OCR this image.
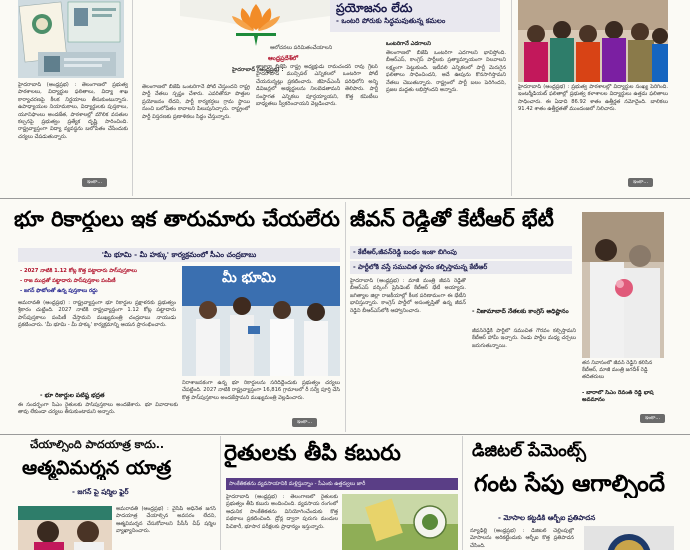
హైదరాబాద్ (ఆంధ్రప్రభ) : తెలంగాణలో ప్రభుత్వ పాఠశాలలు, విద్యార్థుల ఫలితాలు, విద్యా శాఖ కార్యాచరణపై కీలక నిర్ణయాలు తీసుకుంటున్నారు. ఉపాధ్యాయుల నియామకాలు, విద్యార్థులకు పుస్తకాలు, యూనిఫాంలు అందజేత, పాఠశాలల్లో మౌలిక వసతుల కల్పనపై ప్రభుత్వం ప్రత్యేక దృష్టి సారించింది. రాష్ట్రవ్యాప్తంగా విద్యా వ్యవస్థను బలోపేతం చేసేందుకు చర్యలు చేపడుతున్నారు.
ఇంకా...
ఆలోచనలు పరిమితంచేయాలని
హైదరాబాద్ (ఆంధ్రప్రభ) :
తెలంగాణలో బీజేపీ ఒంటరిగానే పోటీ చేస్తుందని రాష్ట్ర పార్టీ నేతలు స్పష్టం చేశారు. ఎవరితోనూ పొత్తుల ప్రయోజనం లేదని, పార్టీ కార్యకర్తలు గ్రామ స్థాయి నుంచి బలోపేతం కావాలని పిలుపునిచ్చారు. రాష్ట్రంలో పార్టీ విస్తరణకు ప్రణాళికలు సిద్ధం చేస్తున్నారు.
ఆంధ్రప్రదేశ్‌లో
తాజాగా బీజేపీ రాష్ట్ర అధ్యక్షుడు రామచందర్ రావు గ్రేటర్ హైదరాబాద్ మున్సిపల్ ఎన్నికలలో ఒంటరిగా పోటీ చేయనున్నట్లు ప్రకటించారు. జీహెచ్ఎంసీ పరిధిలోని అన్ని డివిజన్లలో అభ్యర్థులను నిలబెడతామని తెలిపారు. పార్టీ సంస్థాగత ఎన్నికలు పూర్తయ్యాయని, కొత్త కమిటీలు బాధ్యతలు స్వీకరించాయని వెల్లడించారు.
ప్రయోజనం లేదు
- ఒంటరి పోరుకు సిద్ధమవుతున్న కమలం
ఒంటరిగానే ఎదగాలని
తెలంగాణలో బీజేపీ ఒంటరిగా ఎదగాలని భావిస్తోంది. బీఆర్ఎస్, కాంగ్రెస్ పార్టీలకు ప్రత్యామ్నాయంగా నిలవాలని లక్ష్యంగా పెట్టుకుంది. ఇటీవలి ఎన్నికలలో పార్టీ మెరుగైన ఫలితాలు సాధించిందని, అదే ఊపును కొనసాగిస్తామని నేతలు చెబుతున్నారు. రాష్ట్రంలో పార్టీ బలం పెరిగిందని, ప్రజల మద్దతు లభిస్తోందని అన్నారు.
హైదరాబాద్ (ఆంధ్రప్రభ) : ప్రభుత్వ పాఠశాలల్లో విద్యార్థుల సంఖ్య పెరిగింది. ఇంటర్మీడియట్ ఫలితాల్లో ప్రభుత్వ కళాశాలల విద్యార్థులు ఉత్తమ ఫలితాలు సాధించారు. ఈ ఏడాది 86.92 శాతం ఉత్తీర్ణత నమోదైంది. బాలికలు 91.42 శాతం ఉత్తీర్ణతతో ముందంజలో నిలిచారు.
ఇంకా...
భూ రికార్డులు ఇక తారుమారు చేయలేరు
'మీ భూమి - మీ హక్కు' కార్యక్రమంలో సీఎం చంద్రబాబు
- 2027 నాటికి 1.12 కోట్ల కొత్త పట్టాదారు పాస్‌పుస్తకాలు
- రాజ ముద్రతో పట్టాదారు పాస్‌పుస్తకాల పంపిణీ
- జగన్ ఫొటోలతో ఉన్న పుస్తకాలు రద్దు
అమరావతి (ఆంధ్రప్రభ) : రాష్ట్రవ్యాప్తంగా భూ రికార్డుల ప్రక్షాళనకు ప్రభుత్వం శ్రీకారం చుట్టింది. 2027 నాటికి రాష్ట్రవ్యాప్తంగా 1.12 కోట్ల పట్టాదారు పాస్‌పుస్తకాలు పంపిణీ చేస్తామని ముఖ్యమంత్రి చంద్రబాబు నాయుడు ప్రకటించారు. 'మీ భూమి - మీ హక్కు' కార్యక్రమాన్ని ఆయన ప్రారంభించారు.
- భూ రికార్డుల పటిష్ట భద్రత
ఈ సందర్భంగా సీఎం రైతులకు పాస్‌పుస్తకాలు అందజేశారు. భూ వివాదాలకు తావు లేకుండా చర్యలు తీసుకుంటామని అన్నారు.
మీ భూమి
నిరాశాజనకంగా ఉన్న భూ రికార్డులను సరిదిద్దేందుకు ప్రభుత్వం చర్యలు చేపట్టింది. 2027 నాటికి రాష్ట్రవ్యాప్తంగా 16,816 గ్రామాలలో రీ సర్వే పూర్తి చేసి కొత్త పాస్‌పుస్తకాలు అందజేస్తామని ముఖ్యమంత్రి వెల్లడించారు.
ఇంకా...
జీవన్ రెడ్డితో కేటీఆర్ భేటీ
- కేటీఆర్,జీవన్‌రెడ్డి బంధం ఇంకా బిగింపు
- పార్టీలోకి వస్తే సముచిత స్థానం కల్పిస్తామన్న కేటీఆర్
హైదరాబాద్ (ఆంధ్రప్రభ) : మాజీ మంత్రి జీవన్ రెడ్డితో బీఆర్ఎస్ వర్కింగ్ ప్రెసిడెంట్ కేటీఆర్ భేటీ అయ్యారు. జగిత్యాల జిల్లా రాజకీయాల్లో కీలక పరిణామంగా ఈ భేటీని భావిస్తున్నారు. కాంగ్రెస్ పార్టీలో అసంతృప్తితో ఉన్న జీవన్ రెడ్డిని బీఆర్ఎస్‌లోకి ఆహ్వానించారు.	- నిజామాబాద్ నేతలకు కాంగ్రెస్ అధిష్టానం
జీవన్‌రెడ్డికి పార్టీలో సముచిత గౌరవం కల్పిస్తామని కేటీఆర్ హామీ ఇచ్చారు. రెండు పార్టీల మధ్య చర్చలు జరుగుతున్నాయి.
తన నివాసంలో జీవన్ రెడ్డిని కలిసిన కేటీఆర్, మాజీ మంత్రి జగదీశ్ రెడ్డి తదితరులు
- బారాలో సీఎం రేవంత్ రెడ్డి భాష అవమానం
ఇంకా...
చేయాల్సింది పాదయాత్ర కాదు..
ఆత్మవిమర్శన యాత్ర
- జగన్ పై షర్మిల ఫైర్
అమరావతి (ఆంధ్రప్రభ) : వైసీపీ అధినేత జగన్ పాదయాత్ర చేయాల్సిన అవసరం లేదని, ఆత్మవిమర్శన చేసుకోవాలని పీసీసీ చీఫ్ షర్మిల వ్యాఖ్యానించారు.
రైతులకు తీపి కబురు
సాంకేతికతను వ్యవసాయానికి మళ్లిస్తున్నాం - సీఎంకు ఉత్తర్వులు జారీ
హైదరాబాద్ (ఆంధ్రప్రభ) : తెలంగాణలో రైతులకు ప్రభుత్వం తీపి కబురు అందించింది. వ్యవసాయ రంగంలో ఆధునిక సాంకేతికతను వినియోగించేందుకు కొత్త పథకాలు ప్రకటించింది. డ్రోన్ల ద్వారా పురుగు మందుల పిచికారీ, భూసార పరీక్షలకు ప్రాధాన్యం ఇస్తున్నారు.
డిజిటల్ పేమెంట్స్
గంట సేపు ఆగాల్సిందే
- మోసాల కట్టడికి ఆర్బీఐ ప్రతిపాదన
న్యూఢిల్లీ (ఆంధ్రప్రభ) : డిజిటల్ చెల్లింపుల్లో మోసాలను అరికట్టేందుకు ఆర్బీఐ కొత్త ప్రతిపాదన చేసింది.
